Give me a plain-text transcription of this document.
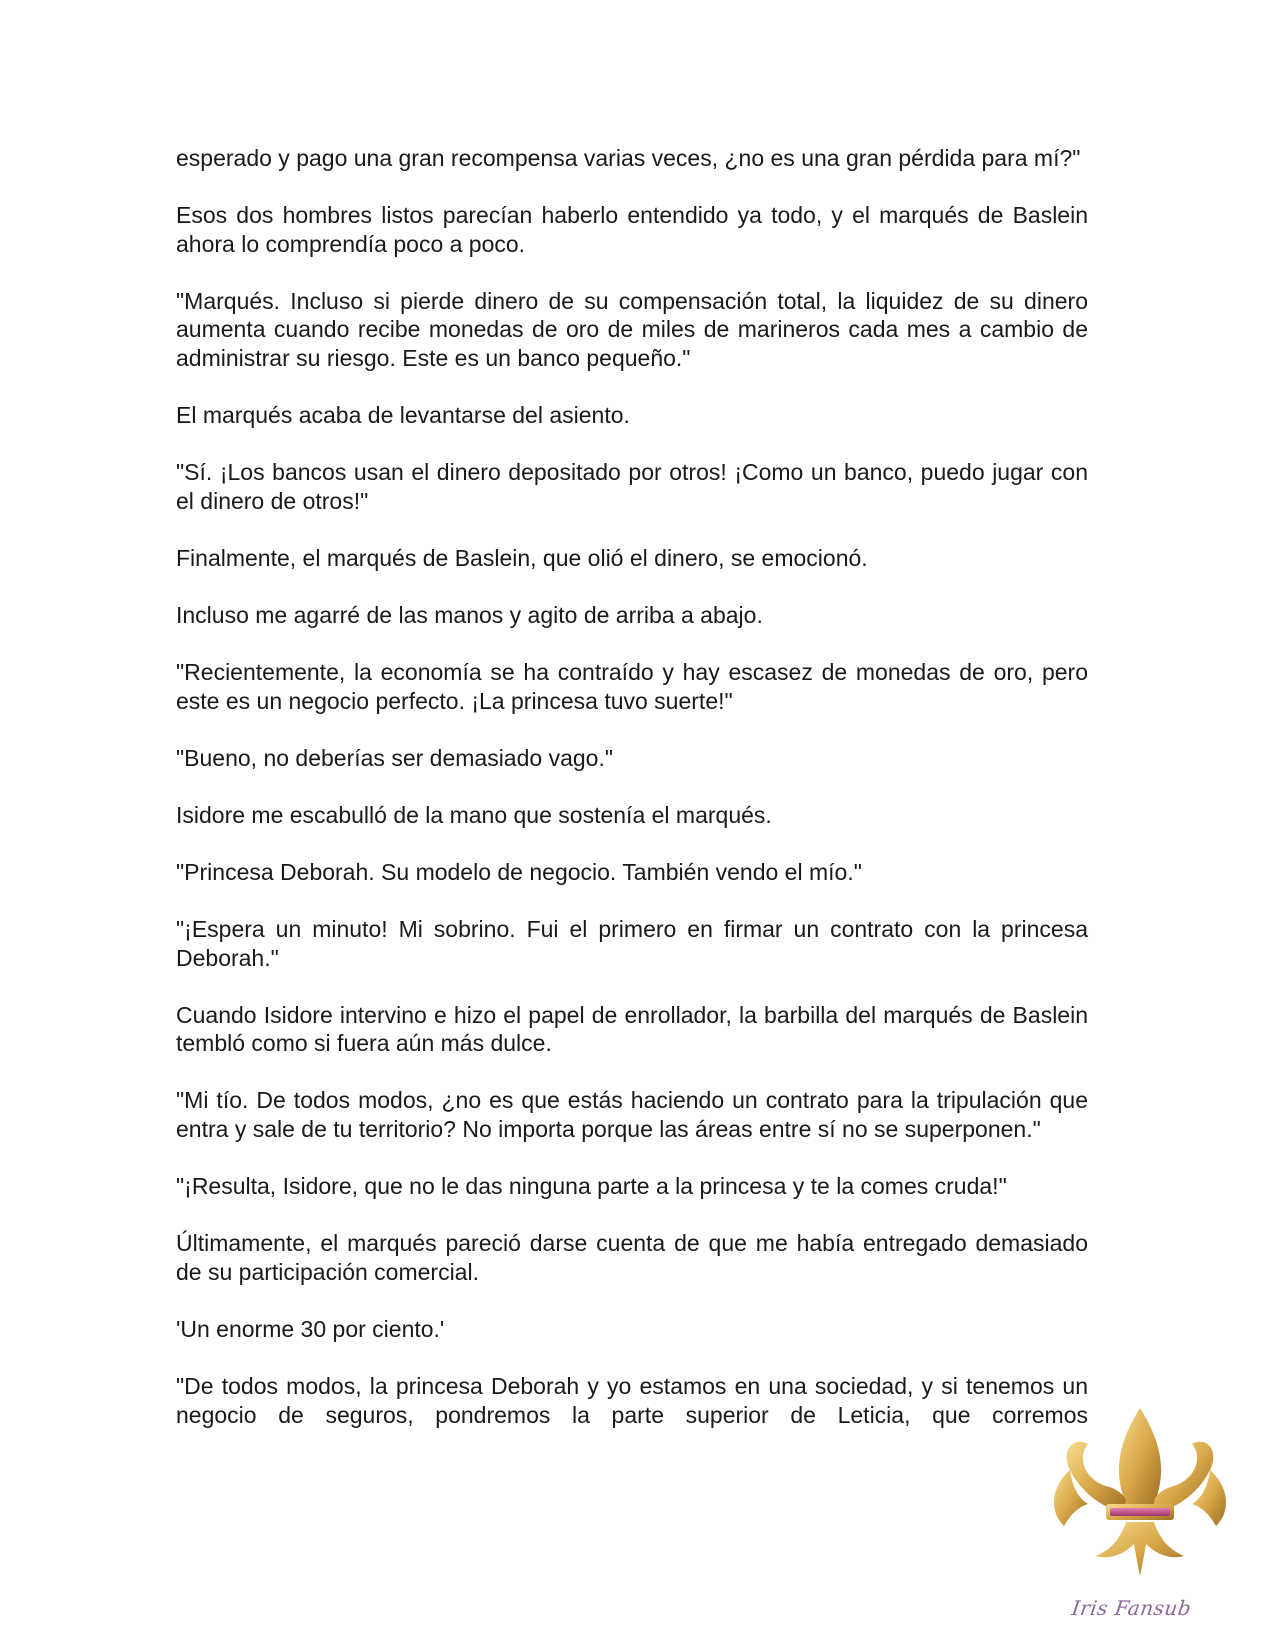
esperado y pago una gran recompensa varias veces, ¿no es una gran pérdida para mí?"

Esos dos hombres listos parecían haberlo entendido ya todo, y el marqués de Baslein ahora lo comprendía poco a poco.

"Marqués. Incluso si pierde dinero de su compensación total, la liquidez de su dinero aumenta cuando recibe monedas de oro de miles de marineros cada mes a cambio de administrar su riesgo. Este es un banco pequeño."

El marqués acaba de levantarse del asiento.

"Sí. ¡Los bancos usan el dinero depositado por otros! ¡Como un banco, puedo jugar con el dinero de otros!"

Finalmente, el marqués de Baslein, que olió el dinero, se emocionó.

Incluso me agarré de las manos y agito de arriba a abajo.

"Recientemente, la economía se ha contraído y hay escasez de monedas de oro, pero este es un negocio perfecto. ¡La princesa tuvo suerte!"

"Bueno, no deberías ser demasiado vago."

Isidore me escabulló de la mano que sostenía el marqués.

"Princesa Deborah. Su modelo de negocio. También vendo el mío."

"¡Espera un minuto! Mi sobrino. Fui el primero en firmar un contrato con la princesa Deborah."

Cuando Isidore intervino e hizo el papel de enrollador, la barbilla del marqués de Baslein tembló como si fuera aún más dulce.

"Mi tío. De todos modos, ¿no es que estás haciendo un contrato para la tripulación que entra y sale de tu territorio? No importa porque las áreas entre sí no se superponen."

"¡Resulta, Isidore, que no le das ninguna parte a la princesa y te la comes cruda!"

Últimamente, el marqués pareció darse cuenta de que me había entregado demasiado de su participación comercial.

'Un enorme 30 por ciento.'

"De todos modos, la princesa Deborah y yo estamos en una sociedad, y si tenemos un negocio de seguros, pondremos la parte superior de Leticia, que corremos

Iris Fansub
